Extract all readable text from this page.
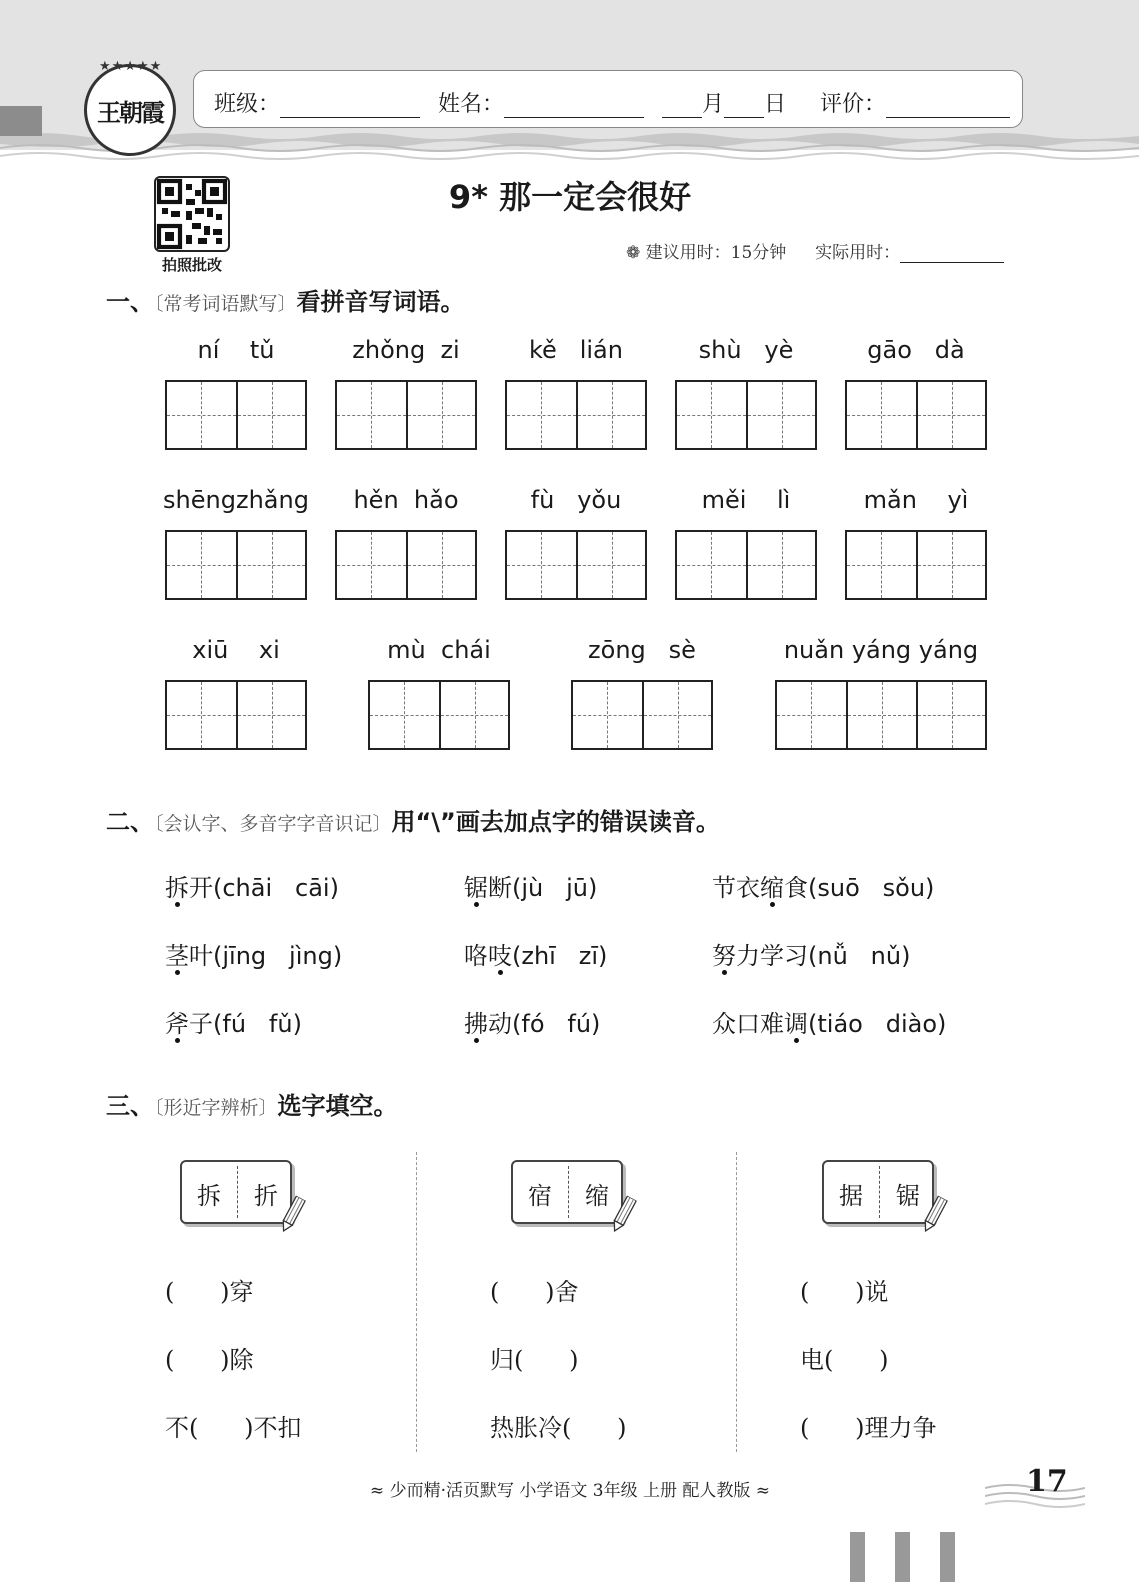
★★★★★
王朝霞	班级：	姓名：	月 日 评价：
拍照批改
9* 那一定会很好
❁ 建议用时：15分钟 实际用时：
一、〔常考词语默写〕看拼音写词语。
ní    tǔ	zhǒng  zi	kě   lián	shù   yè	gāo   dà
shēngzhǎng	hěn  hǎo	fù   yǒu	měi    lì	mǎn    yì
xiū    xi	mù  chái	zōng   sè	nuǎn yáng yáng
二、〔会认字、多音字字音识记〕用“\”画去加点字的错误读音。
拆开(chāi   cāi)	锯断(jù   jū)	节衣缩食(suō   sǒu)
茎叶(jīng   jìng)	咯吱(zhī   zī)	努力学习(nǚ   nǔ)
斧子(fú   fǔ)	拂动(fó   fú)	众口难调(tiáo   diào)
三、〔形近字辨析〕选字填空。
拆 折
(      )穿
(      )除
不(      )不扣
宿 缩
(      )舍
归(      )
热胀冷(      )
据 锯
(      )说
电(      )
(      )理力争
≈ 少而精·活页默写 小学语文 3年级 上册 配人教版 ≈	17
